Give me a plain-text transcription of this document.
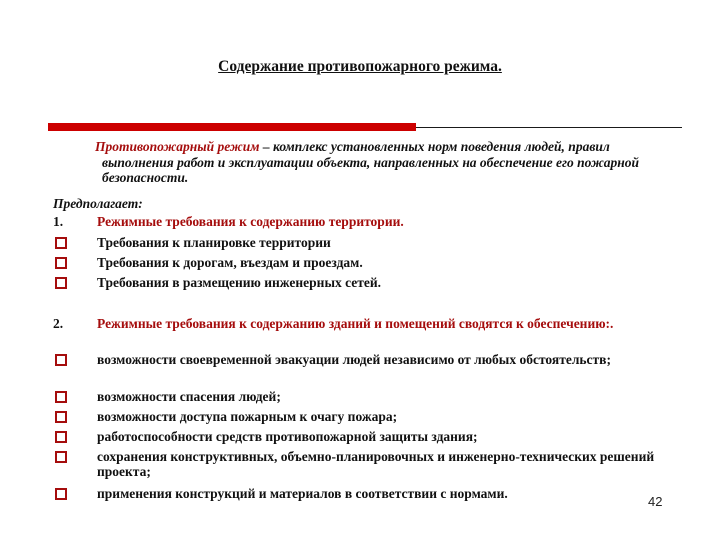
Содержание противопожарного режима.
Противопожарный режим – комплекс установленных норм поведения людей, правил выполнения работ и эксплуатации объекта, направленных на обеспечение его пожарной безопасности.
Предполагает:
1.	Режимные требования к содержанию территории.
Требования к планировке территории
Требования к дорогам, въездам и проездам.
Требования в размещению инженерных сетей.
2.	Режимные требования к содержанию зданий и помещений сводятся к обеспечению:.
возможности своевременной эвакуации людей независимо от любых обстоятельств;
возможности спасения людей;
возможности доступа пожарным к очагу пожара;
работоспособности средств противопожарной защиты здания;
сохранения конструктивных, объемно-планировочных и инженерно-технических решений проекта;
применения конструкций и материалов в соответствии с нормами.
42
